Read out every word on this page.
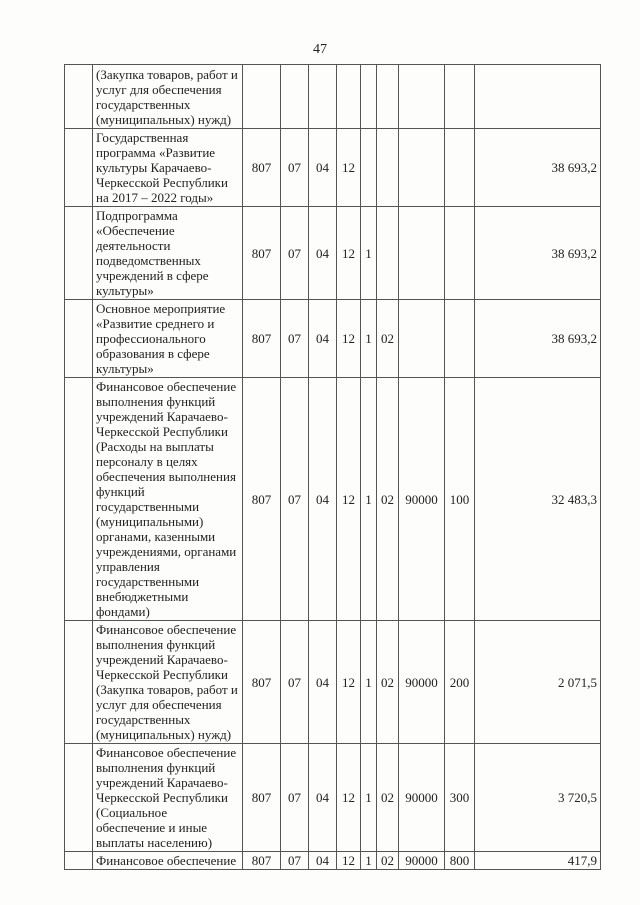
47
	(Закупка товаров, работ и услуг для обеспечения государственных (муниципальных) нужд)									
	Государственная программа «Развитие культуры Карачаево-Черкесской Республики на 2017 – 2022 годы»	807	07	04	12					38 693,2
	Подпрограмма «Обеспечение деятельности подведомственных учреждений в сфере культуры»	807	07	04	12	1				38 693,2
	Основное мероприятие «Развитие среднего и профессионального образования в сфере культуры»	807	07	04	12	1	02			38 693,2
	Финансовое обеспечение выполнения функций учреждений Карачаево-Черкесской Республики (Расходы на выплаты персоналу в целях обеспечения выполнения функций государственными (муниципальными) органами, казенными учреждениями, органами управления государственными внебюджетными фондами)	807	07	04	12	1	02	90000	100	32 483,3
	Финансовое обеспечение выполнения функций учреждений Карачаево-Черкесской Республики (Закупка товаров, работ и услуг для обеспечения государственных (муниципальных) нужд)	807	07	04	12	1	02	90000	200	2 071,5
	Финансовое обеспечение выполнения функций учреждений Карачаево-Черкесской Республики (Социальное обеспечение и иные выплаты населению)	807	07	04	12	1	02	90000	300	3 720,5
	Финансовое обеспечение	807	07	04	12	1	02	90000	800	417,9
